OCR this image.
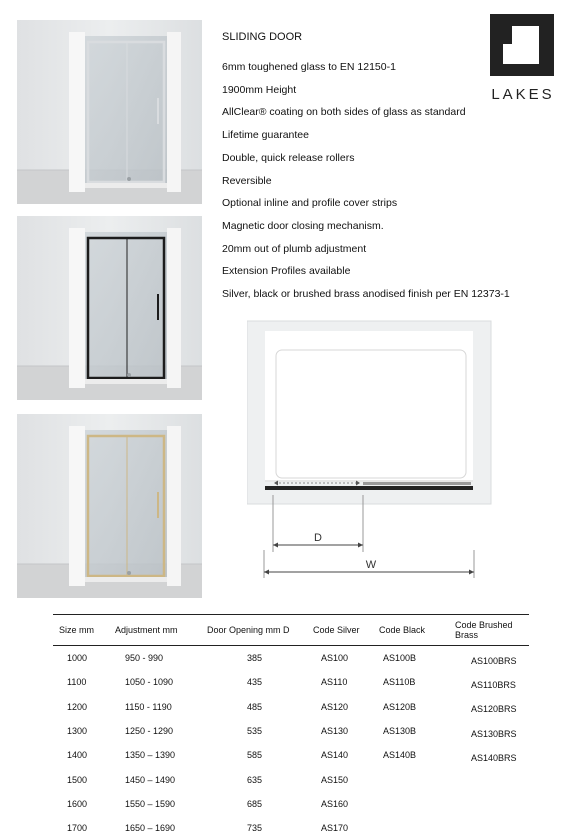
LAKES
SLIDING DOOR
6mm toughened glass to EN 12150-1
1900mm Height
AllClear® coating on both sides of glass as standard
Lifetime guarantee
Double, quick release rollers
Reversible
Optional inline and profile cover strips
Magnetic door closing mechanism.
20mm out of plumb adjustment
Extension Profiles available
Silver, black or brushed brass anodised finish per EN 12373-1
D
W
Size mm	Adjustment mm	Door Opening mm D	Code Silver	Code Black	Code Brushed Brass
1000	950 - 990	385	AS100	AS100B	AS100BRS
1100	1050 - 1090	435	AS110	AS110B	AS110BRS
1200	1150 - 1190	485	AS120	AS120B	AS120BRS
1300	1250 - 1290	535	AS130	AS130B	AS130BRS
1400	1350 – 1390	585	AS140	AS140B	AS140BRS
1500	1450 – 1490	635	AS150		
1600	1550 – 1590	685	AS160		
1700	1650 – 1690	735	AS170		
